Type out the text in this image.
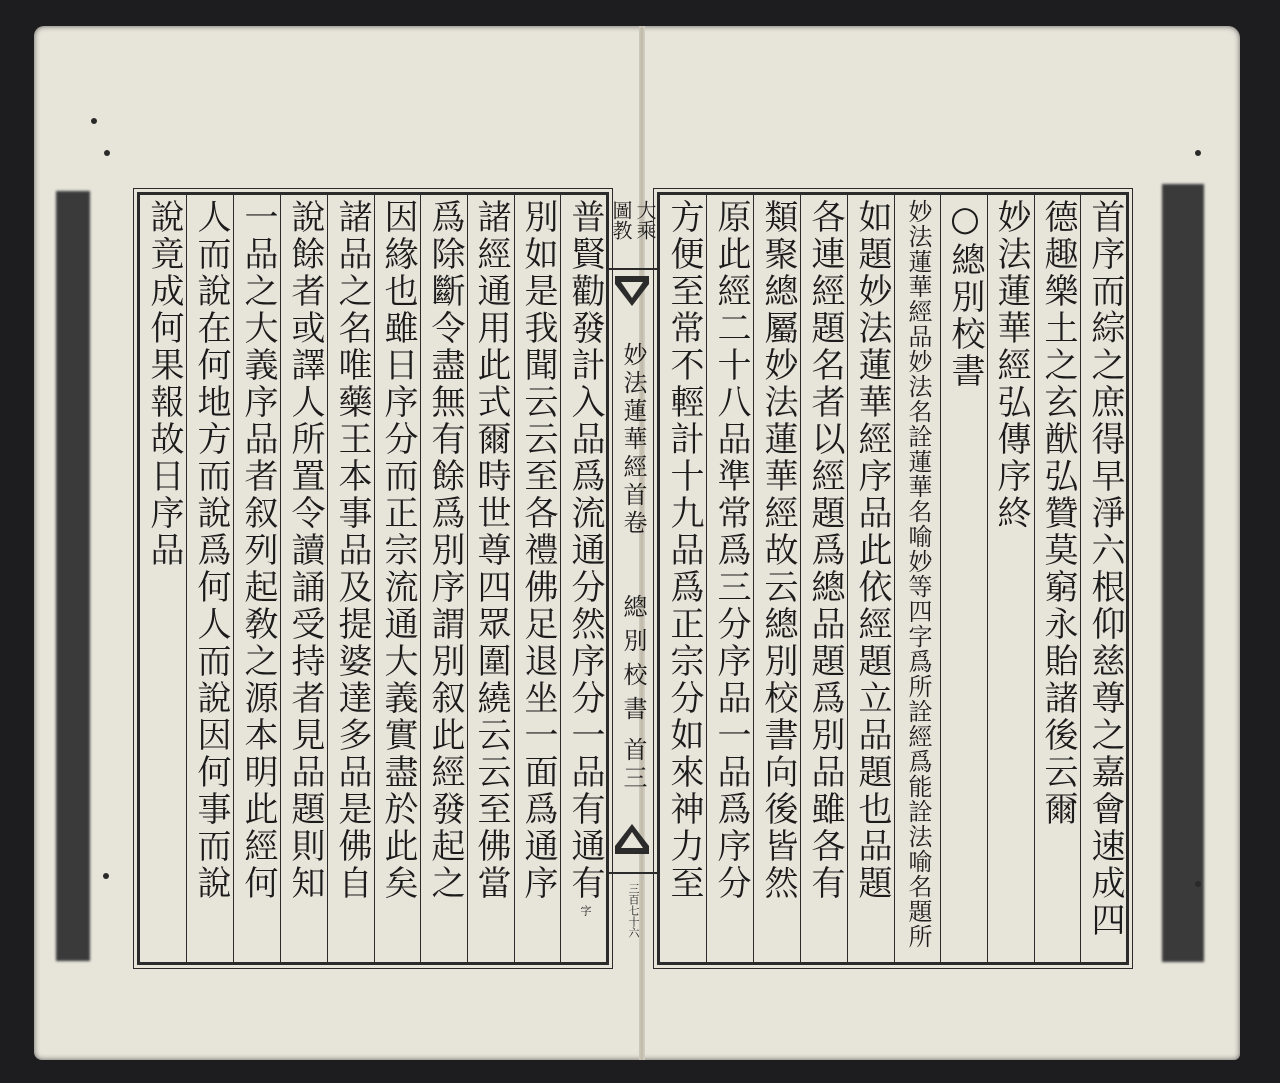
普賢勸發計入品爲流通分然序分一品有通有
別如是我聞云云至各禮佛足退坐一面爲通序
諸經通用此式爾時世尊四眾圍繞云云至佛當
爲除斷令盡無有餘爲別序謂別叙此經發起之
因緣也雖日序分而正宗流通大義實盡於此矣
諸品之名唯藥王本事品及提婆達多品是佛自
說餘者或譯人所置令讀誦受持者見品題則知
一品之大義序品者叙列起敎之源本明此經何
人而說在何地方而說爲何人而說因何事而說
說竟成何果報故日序品	大乘
圖教
妙法蓮華經首卷
總別校書
首三
三百七十六字	首序而綜之庶得早淨六根仰慈尊之嘉會速成四
德趣樂土之玄猷弘贊莫窮永貽諸後云爾
妙法蓮華經弘傳序終
○總別校書
妙法蓮華經品妙法名詮蓮華名喻妙等四字爲所詮經爲能詮法喻名題所
如題妙法蓮華經序品此依經題立品題也品題
各連經題名者以經題爲總品題爲別品雖各有
類聚總屬妙法蓮華經故云總別校書向後皆然
原此經二十八品準常爲三分序品一品爲序分
方便至常不輕計十九品爲正宗分如來神力至
